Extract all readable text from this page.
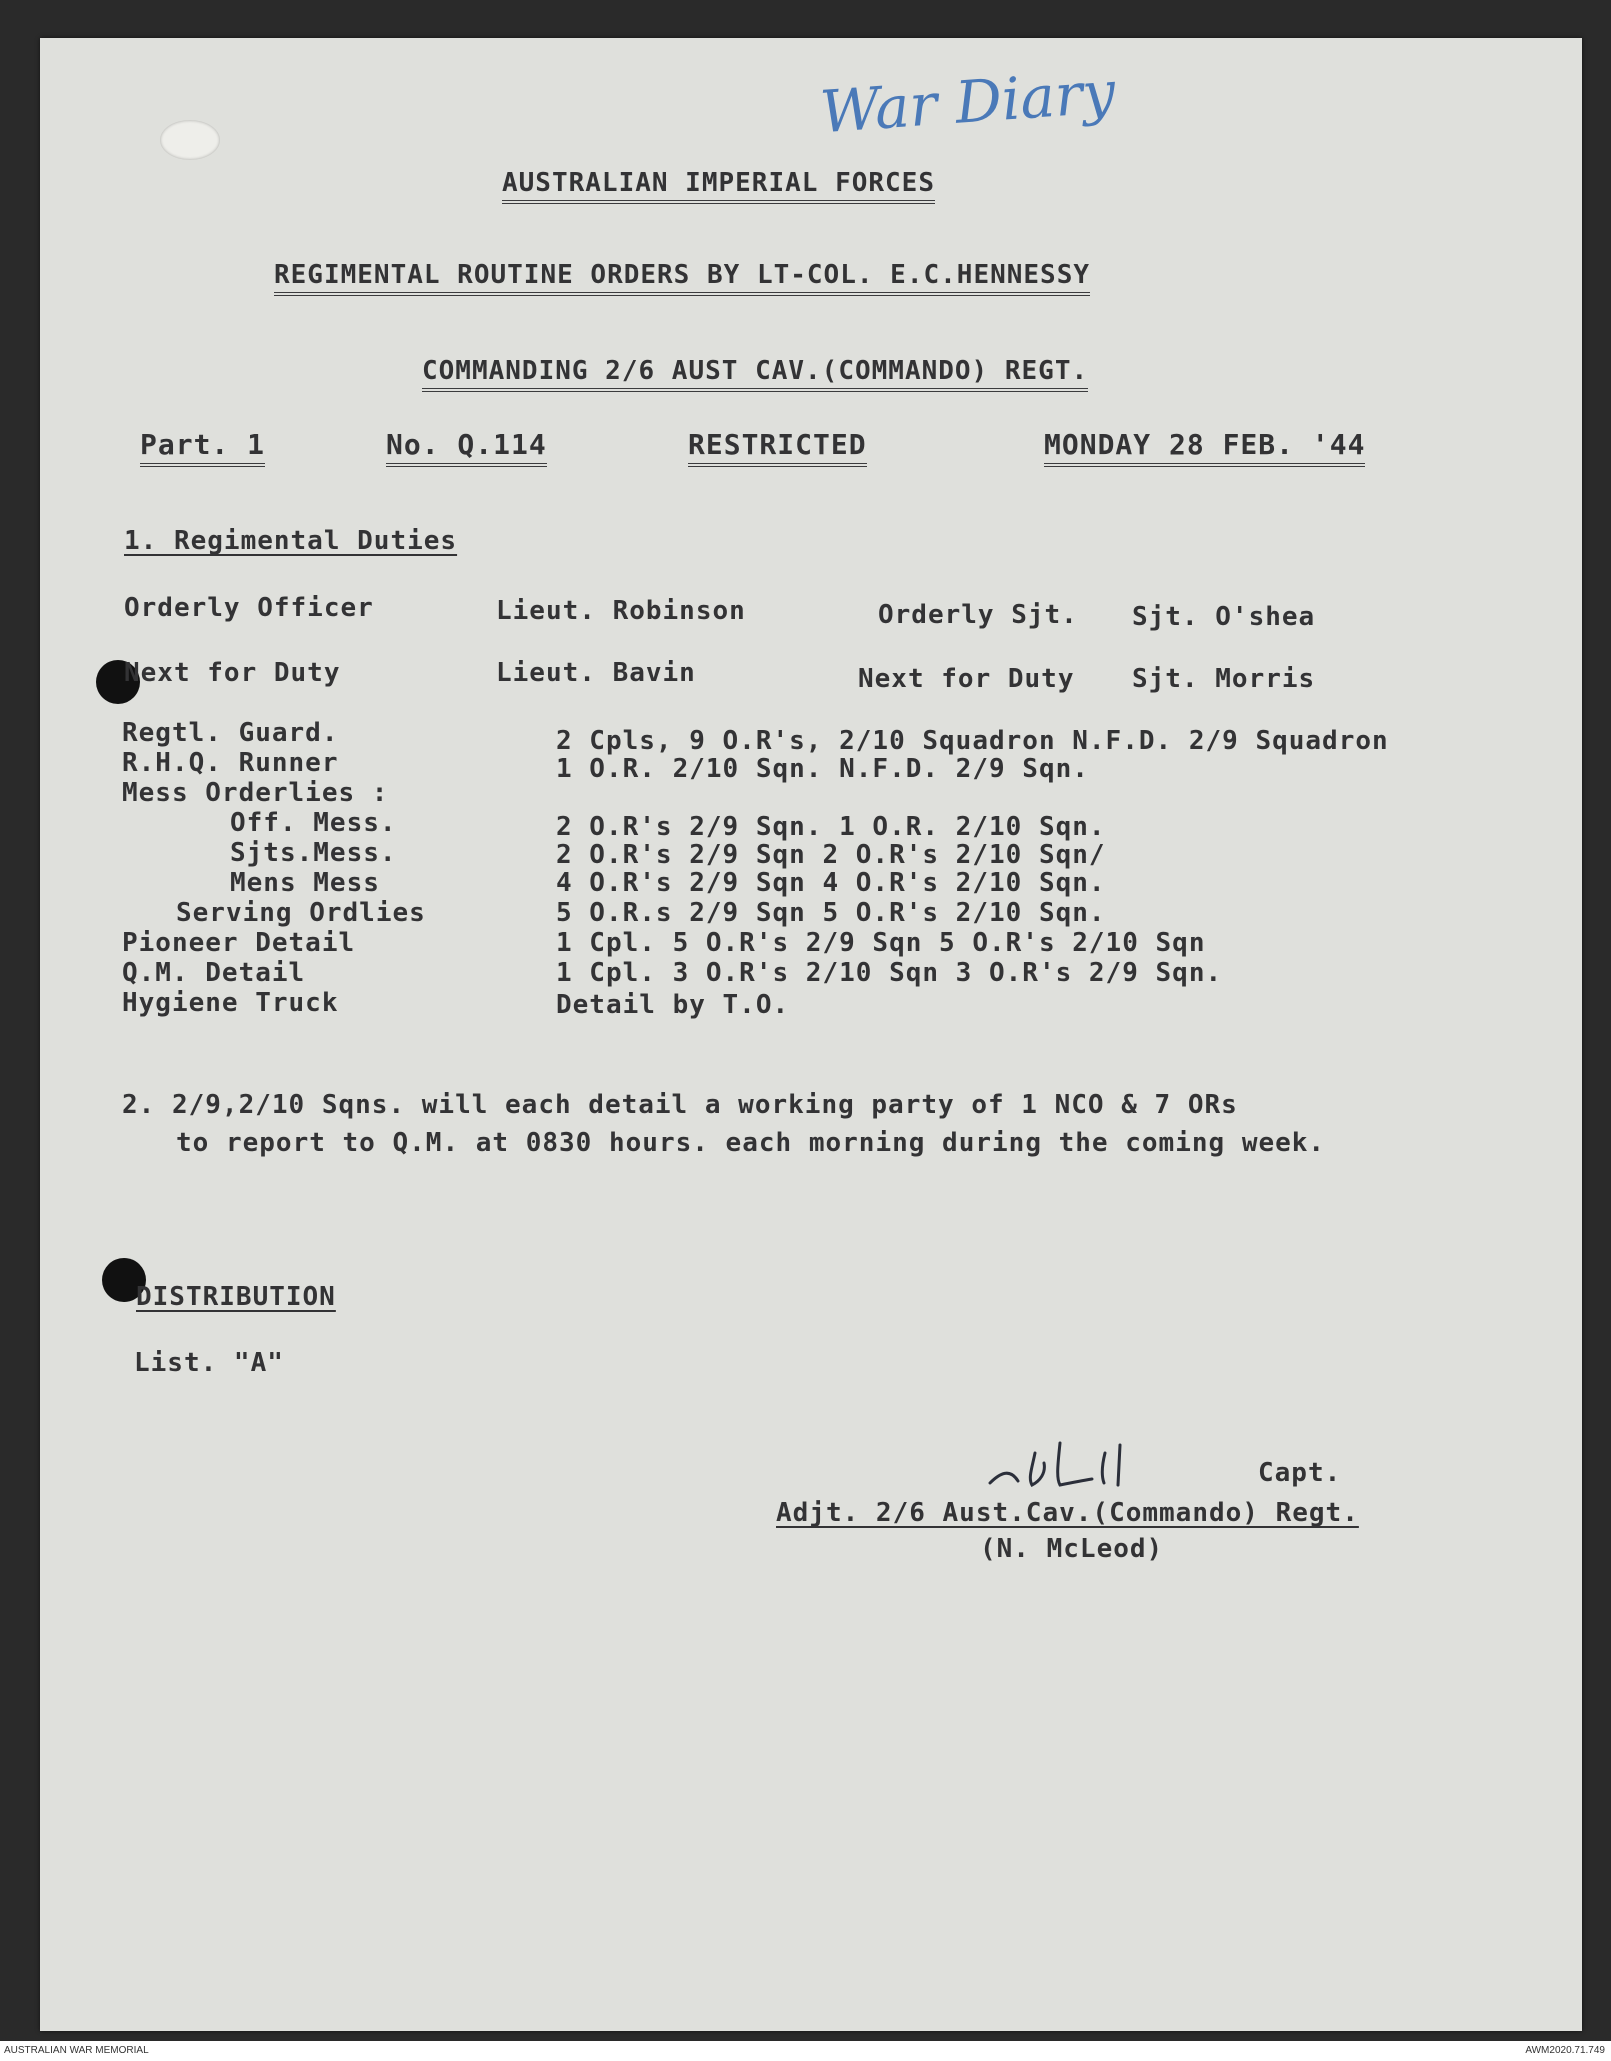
War Diary
AUSTRALIAN IMPERIAL FORCES
REGIMENTAL ROUTINE ORDERS BY LT-COL. E.C.HENNESSY
COMMANDING 2/6 AUST CAV.(COMMANDO) REGT.
Part. 1	No. Q.114	RESTRICTED	MONDAY 28 FEB. '44
1. Regimental Duties
Orderly Officer	Lieut. Robinson	Orderly Sjt. Sjt. O'shea
Next for Duty	Lieut. Bavin	Next for Duty Sjt. Morris
Regtl. Guard.	2 Cpls, 9 O.R's, 2/10 Squadron N.F.D. 2/9 Squadron
R.H.Q. Runner	1 O.R. 2/10 Sqn. N.F.D. 2/9 Sqn.
Mess Orderlies :
Off. Mess.	2 O.R's 2/9 Sqn. 1 O.R. 2/10 Sqn.
Sjts.Mess.	2 O.R's 2/9 Sqn 2 O.R's 2/10 Sqn/
Mens Mess	4 O.R's 2/9 Sqn 4 O.R's 2/10 Sqn.
Serving Ordlies	5 O.R.s 2/9 Sqn 5 O.R's 2/10 Sqn.
Pioneer Detail	1 Cpl. 5 O.R's 2/9 Sqn 5 O.R's 2/10 Sqn
Q.M. Detail	1 Cpl. 3 O.R's 2/10 Sqn 3 O.R's 2/9 Sqn.
Hygiene Truck	Detail by T.O.
2. 2/9,2/10 Sqns. will each detail a working party of 1 NCO & 7 ORs
to report to Q.M. at 0830 hours. each morning during the coming week.
DISTRIBUTION
List. "A"
Capt.
Adjt. 2/6 Aust.Cav.(Commando) Regt.
(N. McLeod)
AUSTRALIAN WAR MEMORIAL	AWM2020.71.749
